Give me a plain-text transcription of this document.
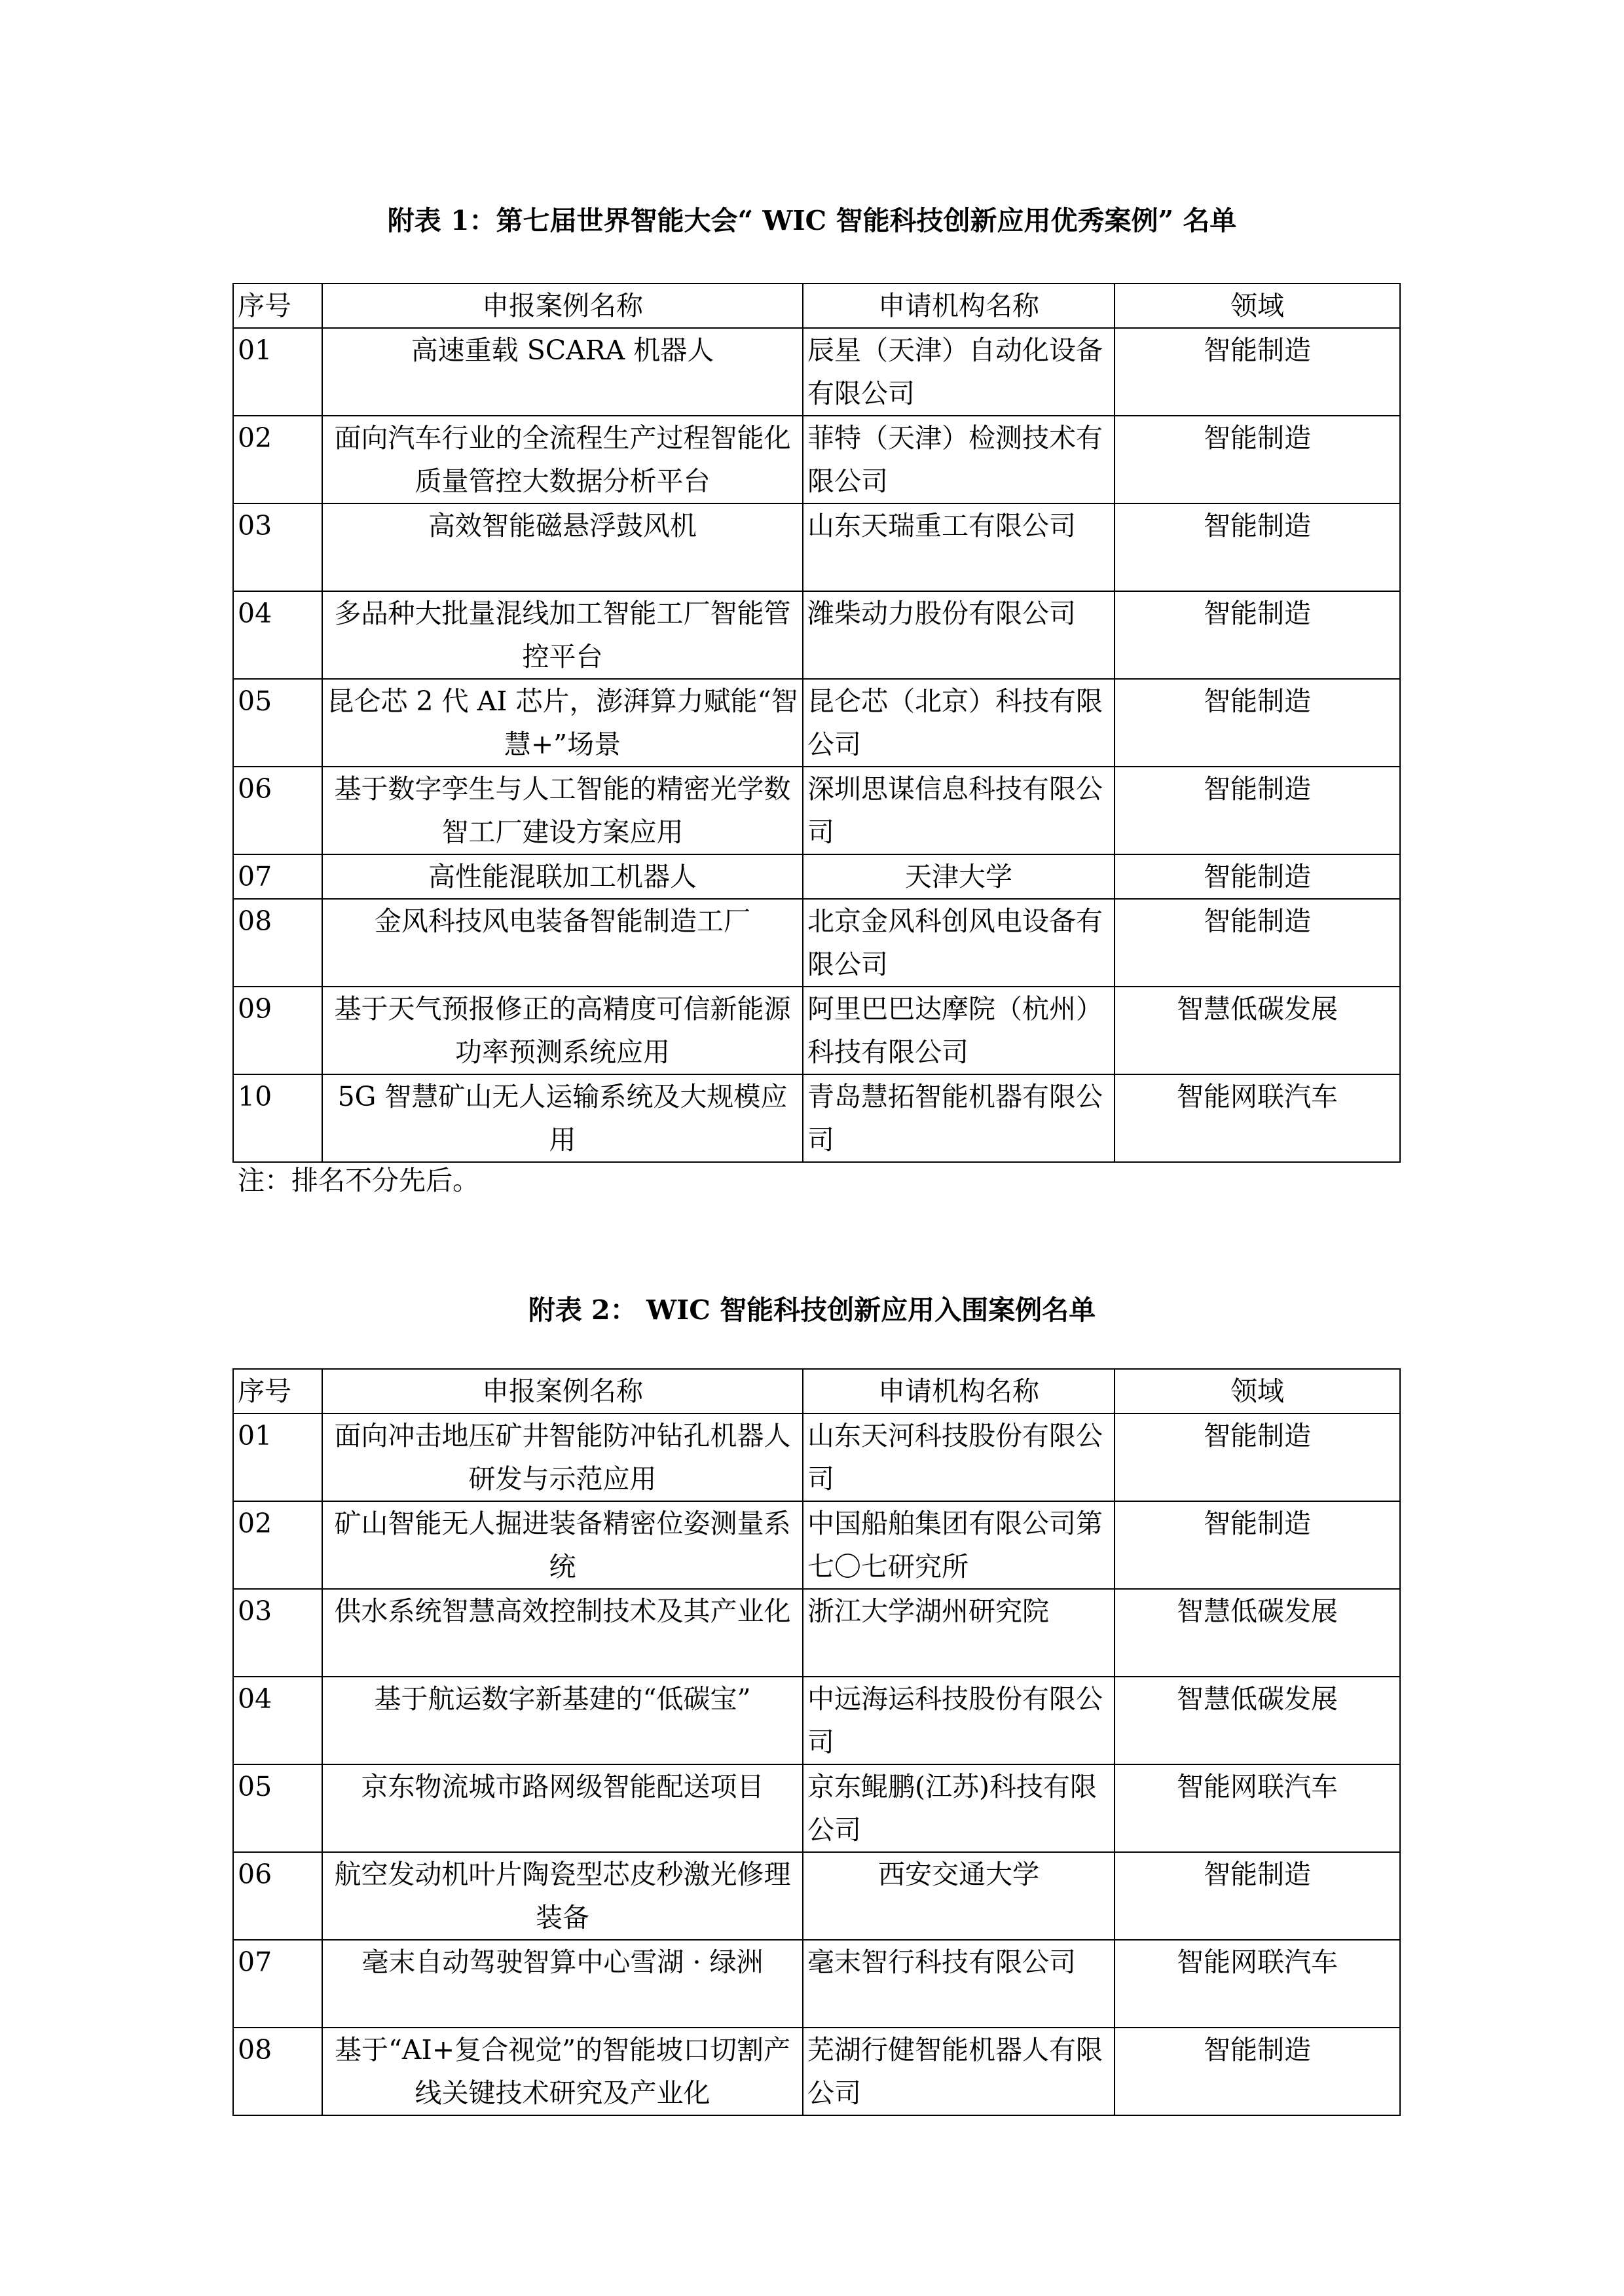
附表 1：第七届世界智能大会“ WIC 智能科技创新应用优秀案例” 名单
序号	申报案例名称	申请机构名称	领域
01	高速重载 SCARA 机器人	辰星（天津）自动化设备有限公司	智能制造
02	面向汽车行业的全流程生产过程智能化质量管控大数据分析平台	菲特（天津）检测技术有限公司	智能制造
03	高效智能磁悬浮鼓风机	山东天瑞重工有限公司	智能制造
04	多品种大批量混线加工智能工厂智能管控平台	潍柴动力股份有限公司	智能制造
05	昆仑芯 2 代 AI 芯片，澎湃算力赋能“智慧+”场景	昆仑芯（北京）科技有限公司	智能制造
06	基于数字孪生与人工智能的精密光学数智工厂建设方案应用	深圳思谋信息科技有限公司	智能制造
07	高性能混联加工机器人	天津大学	智能制造
08	金风科技风电装备智能制造工厂	北京金风科创风电设备有限公司	智能制造
09	基于天气预报修正的高精度可信新能源功率预测系统应用	阿里巴巴达摩院（杭州）科技有限公司	智慧低碳发展
10	5G 智慧矿山无人运输系统及大规模应用	青岛慧拓智能机器有限公司	智能网联汽车
注：排名不分先后。
附表 2： WIC 智能科技创新应用入围案例名单
序号	申报案例名称	申请机构名称	领域
01	面向冲击地压矿井智能防冲钻孔机器人研发与示范应用	山东天河科技股份有限公司	智能制造
02	矿山智能无人掘进装备精密位姿测量系统	中国船舶集团有限公司第七〇七研究所	智能制造
03	供水系统智慧高效控制技术及其产业化	浙江大学湖州研究院	智慧低碳发展
04	基于航运数字新基建的“低碳宝”	中远海运科技股份有限公司	智慧低碳发展
05	京东物流城市路网级智能配送项目	京东鲲鹏(江苏)科技有限公司	智能网联汽车
06	航空发动机叶片陶瓷型芯皮秒激光修理装备	西安交通大学	智能制造
07	毫末自动驾驶智算中心雪湖 · 绿洲	毫末智行科技有限公司	智能网联汽车
08	基于“AI+复合视觉”的智能坡口切割产线关键技术研究及产业化	芜湖行健智能机器人有限公司	智能制造
